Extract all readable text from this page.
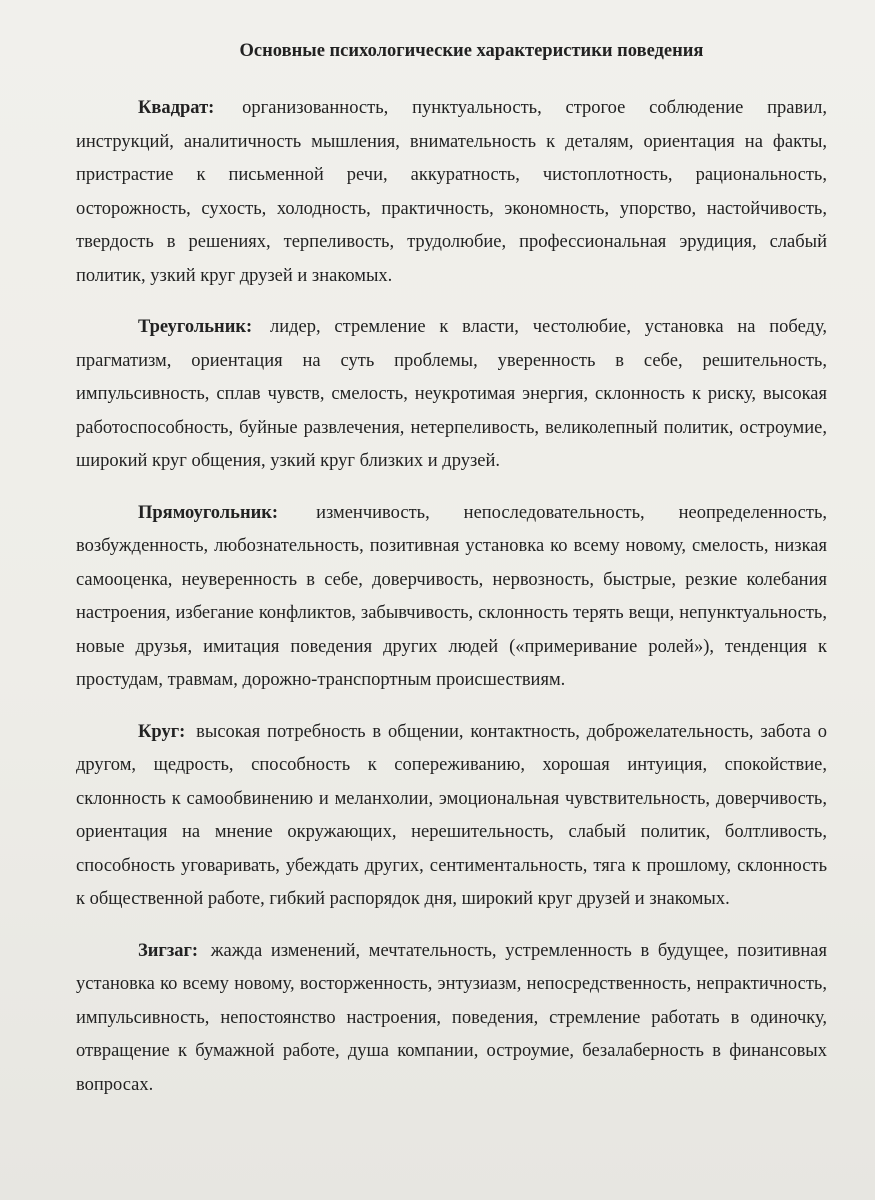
Основные психологические характеристики поведения

Квадрат: организованность, пунктуальность, строгое соблюдение правил, инструкций, аналитичность мышления, внимательность к деталям, ориентация на факты, пристрастие к письменной речи, аккуратность, чистоплотность, рациональность, осторожность, сухость, холодность, практичность, экономность, упорство, настойчивость, твердость в решениях, терпеливость, трудолюбие, профессиональная эрудиция, слабый политик, узкий круг друзей и знакомых.

Треугольник: лидер, стремление к власти, честолюбие, установка на победу, прагматизм, ориентация на суть проблемы, уверенность в себе, решительность, импульсивность, сплав чувств, смелость, неукротимая энергия, склонность к риску, высокая работоспособность, буйные развлечения, нетерпеливость, великолепный политик, остроумие, широкий круг общения, узкий круг близких и друзей.

Прямоугольник: изменчивость, непоследовательность, неопределенность, возбужденность, любознательность, позитивная установка ко всему новому, смелость, низкая самооценка, неуверенность в себе, доверчивость, нервозность, быстрые, резкие колебания настроения, избегание конфликтов, забывчивость, склонность терять вещи, непунктуальность, новые друзья, имитация поведения других людей («примеривание ролей»), тенденция к простудам, травмам, дорожно-транспортным происшествиям.

Круг: высокая потребность в общении, контактность, доброжелательность, забота о другом, щедрость, способность к сопереживанию, хорошая интуиция, спокойствие, склонность к самообвинению и меланхолии, эмоциональная чувствительность, доверчивость, ориентация на мнение окружающих, нерешительность, слабый политик, болтливость, способность уговаривать, убеждать других, сентиментальность, тяга к прошлому, склонность к общественной работе, гибкий распорядок дня, широкий круг друзей и знакомых.

Зигзаг: жажда изменений, мечтательность, устремленность в будущее, позитивная установка ко всему новому, восторженность, энтузиазм, непосредственность, непрактичность, импульсивность, непостоянство настроения, поведения, стремление работать в одиночку, отвращение к бумажной работе, душа компании, остроумие, безалаберность в финансовых вопросах.
